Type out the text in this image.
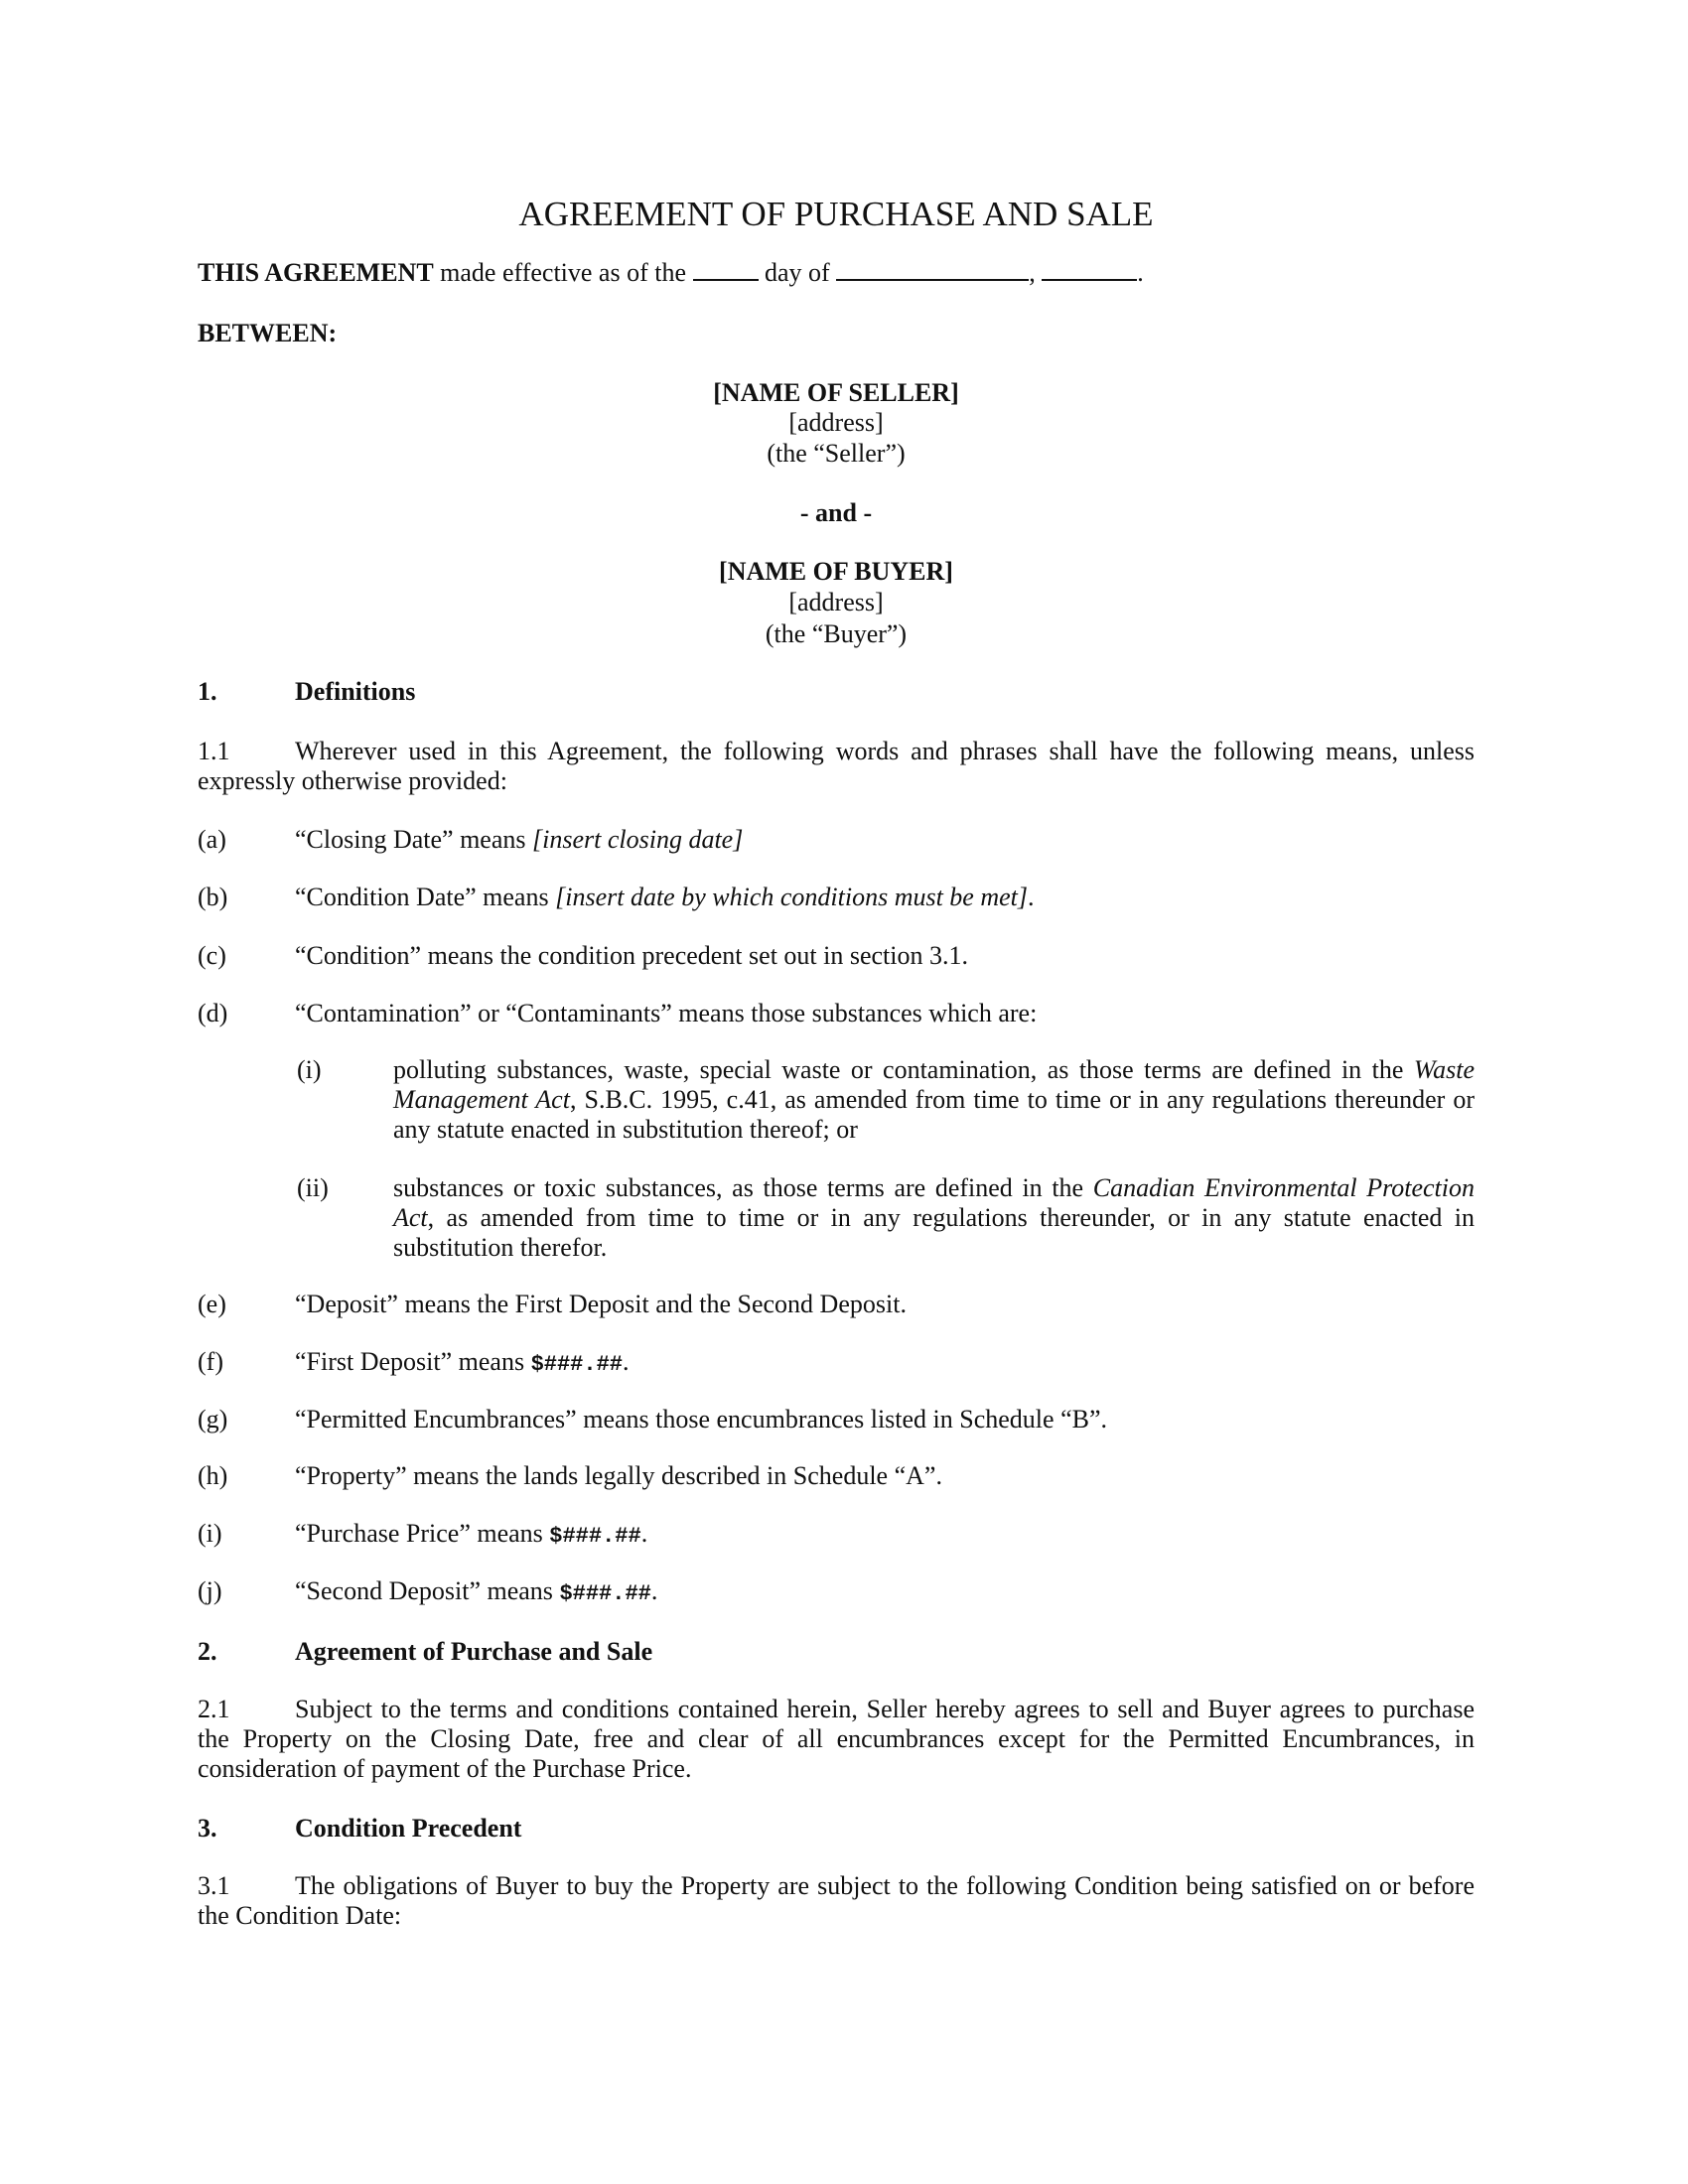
AGREEMENT OF PURCHASE AND SALE
THIS AGREEMENT made effective as of the	day of	,	.
BETWEEN:
[NAME OF SELLER]
[address]
(the “Seller”)
- and -
[NAME OF BUYER]
[address]
(the “Buyer”)
1.	Definitions
1.1	Wherever used in this Agreement, the following words and phrases shall have the following means, unless expressly otherwise provided:
(a)	“Closing Date” means [insert closing date]
(b)	“Condition Date” means [insert date by which conditions must be met].
(c)	“Condition” means the condition precedent set out in section 3.1.
(d)	“Contamination” or “Contaminants” means those substances which are:
(i)	polluting substances, waste, special waste or contamination, as those terms are defined in the Waste Management Act, S.B.C. 1995, c.41, as amended from time to time or in any regulations thereunder or any statute enacted in substitution thereof; or
(ii)	substances or toxic substances, as those terms are defined in the Canadian Environmental Protection Act, as amended from time to time or in any regulations thereunder, or in any statute enacted in substitution therefor.
(e)	“Deposit” means the First Deposit and the Second Deposit.
(f)	“First Deposit” means $###.##.
(g)	“Permitted Encumbrances” means those encumbrances listed in Schedule “B”.
(h)	“Property” means the lands legally described in Schedule “A”.
(i)	“Purchase Price” means $###.##.
(j)	“Second Deposit” means $###.##.
2.	Agreement of Purchase and Sale
2.1	Subject to the terms and conditions contained herein, Seller hereby agrees to sell and Buyer agrees to purchase the Property on the Closing Date, free and clear of all encumbrances except for the Permitted Encumbrances, in consideration of payment of the Purchase Price.
3.	Condition Precedent
3.1	The obligations of Buyer to buy the Property are subject to the following Condition being satisfied on or before the Condition Date:
